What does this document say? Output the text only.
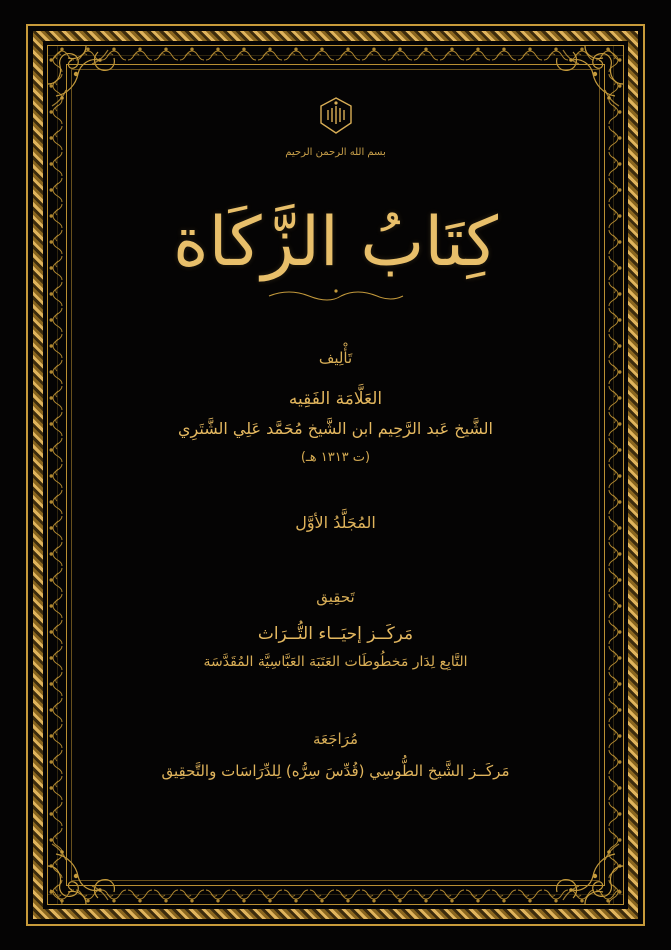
بسم الله الرحمن الرحيم
كِتَابُ الزَّكَاة
تَأْلِيف
العَلَّامَة الفَقِيه
الشَّيخ عَبد الرَّحِيم ابن الشَّيخ مُحَمَّد عَلِي الشَّتَرِي
(ت ١٣١٣ هـ)
المُجَلَّدُ الأوَّل
تَحقِيق
مَركَــز إحيَــاء التُّــرَاث
التَّابِع لِدَار مَخطُوطَات العَتَبَة العَبَّاسِيَّة المُقَدَّسَة
مُرَاجَعَة
مَركَــز الشَّيخ الطُّوسِي (قُدِّسَ سِرُّه) لِلدِّرَاسَات والتَّحقِيق
